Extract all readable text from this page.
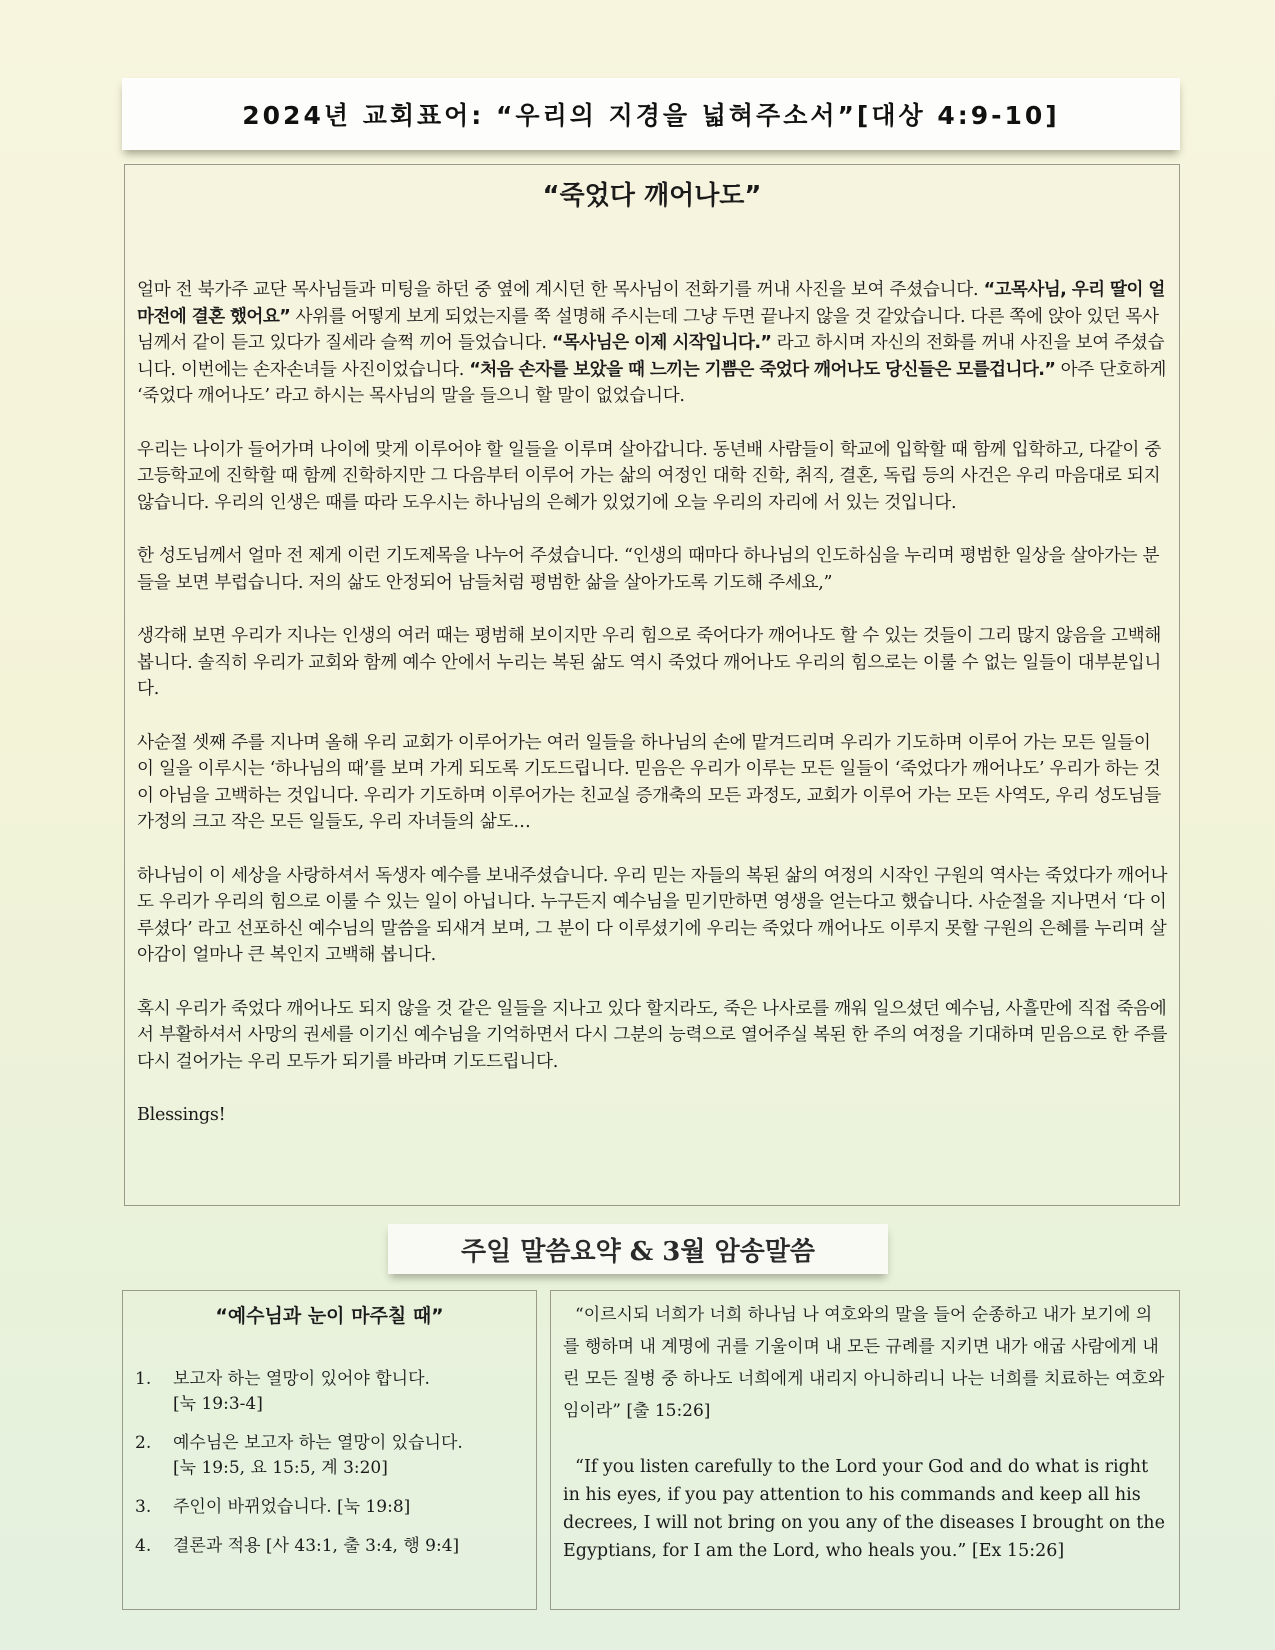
2024년 교회표어: “우리의 지경을 넓혀주소서”[대상 4:9-10]
“죽었다 깨어나도”

얼마 전 북가주 교단 목사님들과 미팅을 하던 중 옆에 계시던 한 목사님이 전화기를 꺼내 사진을 보여 주셨습니다. “고목사님, 우리 딸이 얼마전에 결혼 했어요” 사위를 어떻게 보게 되었는지를 쭉 설명해 주시는데 그냥 두면 끝나지 않을 것 같았습니다. 다른 쪽에 앉아 있던 목사님께서 같이 듣고 있다가 질세라 슬쩍 끼어 들었습니다. “목사님은 이제 시작입니다.” 라고 하시며 자신의 전화를 꺼내 사진을 보여 주셨습니다. 이번에는 손자손녀들 사진이었습니다. “처음 손자를 보았을 때 느끼는 기쁨은 죽었다 깨어나도 당신들은 모를겁니다.” 아주 단호하게 ‘죽었다 깨어나도’ 라고 하시는 목사님의 말을 들으니 할 말이 없었습니다.

우리는 나이가 들어가며 나이에 맞게 이루어야 할 일들을 이루며 살아갑니다. 동년배 사람들이 학교에 입학할 때 함께 입학하고, 다같이 중고등학교에 진학할 때 함께 진학하지만 그 다음부터 이루어 가는 삶의 여정인 대학 진학, 취직, 결혼, 독립 등의 사건은 우리 마음대로 되지 않습니다. 우리의 인생은 때를 따라 도우시는 하나님의 은혜가 있었기에 오늘 우리의 자리에 서 있는 것입니다.

한 성도님께서 얼마 전 제게 이런 기도제목을 나누어 주셨습니다. “인생의 때마다 하나님의 인도하심을 누리며 평범한 일상을 살아가는 분들을 보면 부럽습니다. 저의 삶도 안정되어 남들처럼 평범한 삶을 살아가도록 기도해 주세요,”

생각해 보면 우리가 지나는 인생의 여러 때는 평범해 보이지만 우리 힘으로 죽어다가 깨어나도 할 수 있는 것들이 그리 많지 않음을 고백해 봅니다. 솔직히 우리가 교회와 함께 예수 안에서 누리는 복된 삶도 역시 죽었다 깨어나도 우리의 힘으로는 이룰 수 없는 일들이 대부분입니다.

사순절 셋째 주를 지나며 올해 우리 교회가 이루어가는 여러 일들을 하나님의 손에 맡겨드리며 우리가 기도하며 이루어 가는 모든 일들이 이 일을 이루시는 ‘하나님의 때’를 보며 가게 되도록 기도드립니다. 믿음은 우리가 이루는 모든 일들이 ‘죽었다가 깨어나도’ 우리가 하는 것이 아님을 고백하는 것입니다. 우리가 기도하며 이루어가는 친교실 증개축의 모든 과정도, 교회가 이루어 가는 모든 사역도, 우리 성도님들 가정의 크고 작은 모든 일들도, 우리 자녀들의 삶도…

하나님이 이 세상을 사랑하셔서 독생자 예수를 보내주셨습니다. 우리 믿는 자들의 복된 삶의 여정의 시작인 구원의 역사는 죽었다가 깨어나도 우리가 우리의 힘으로 이룰 수 있는 일이 아닙니다. 누구든지 예수님을 믿기만하면 영생을 얻는다고 했습니다. 사순절을 지나면서 ‘다 이루셨다’ 라고 선포하신 예수님의 말씀을 되새겨 보며, 그 분이 다 이루셨기에 우리는 죽었다 깨어나도 이루지 못할 구원의 은혜를 누리며 살아감이 얼마나 큰 복인지 고백해 봅니다.

혹시 우리가 죽었다 깨어나도 되지 않을 것 같은 일들을 지나고 있다 할지라도, 죽은 나사로를 깨워 일으셨던 예수님, 사흘만에 직접 죽음에서 부활하셔서 사망의 권세를 이기신 예수님을 기억하면서 다시 그분의 능력으로 열어주실 복된 한 주의 여정을 기대하며 믿음으로 한 주를 다시 걸어가는 우리 모두가 되기를 바라며 기도드립니다.

Blessings!

주일 말씀요약 & 3월 암송말씀
“예수님과 눈이 마주칠 때”
1. 보고자 하는 열망이 있어야 합니다.
[눅 19:3-4]
2. 예수님은 보고자 하는 열망이 있습니다.
[눅 19:5, 요 15:5, 계 3:20]
3. 주인이 바뀌었습니다. [눅 19:8]
4. 결론과 적용 [사 43:1, 출 3:4, 행 9:4]
“이르시되 너희가 너희 하나님 나 여호와의 말을 들어 순종하고 내가 보기에 의를 행하며 내 계명에 귀를 기울이며 내 모든 규례를 지키면 내가 애굽 사람에게 내린 모든 질병 중 하나도 너희에게 내리지 아니하리니 나는 너희를 치료하는 여호와임이라” [출 15:26]
“If you listen carefully to the Lord your God and do what is right in his eyes, if you pay attention to his commands and keep all his decrees, I will not bring on you any of the diseases I brought on the Egyptians, for I am the Lord, who heals you.” [Ex 15:26]
